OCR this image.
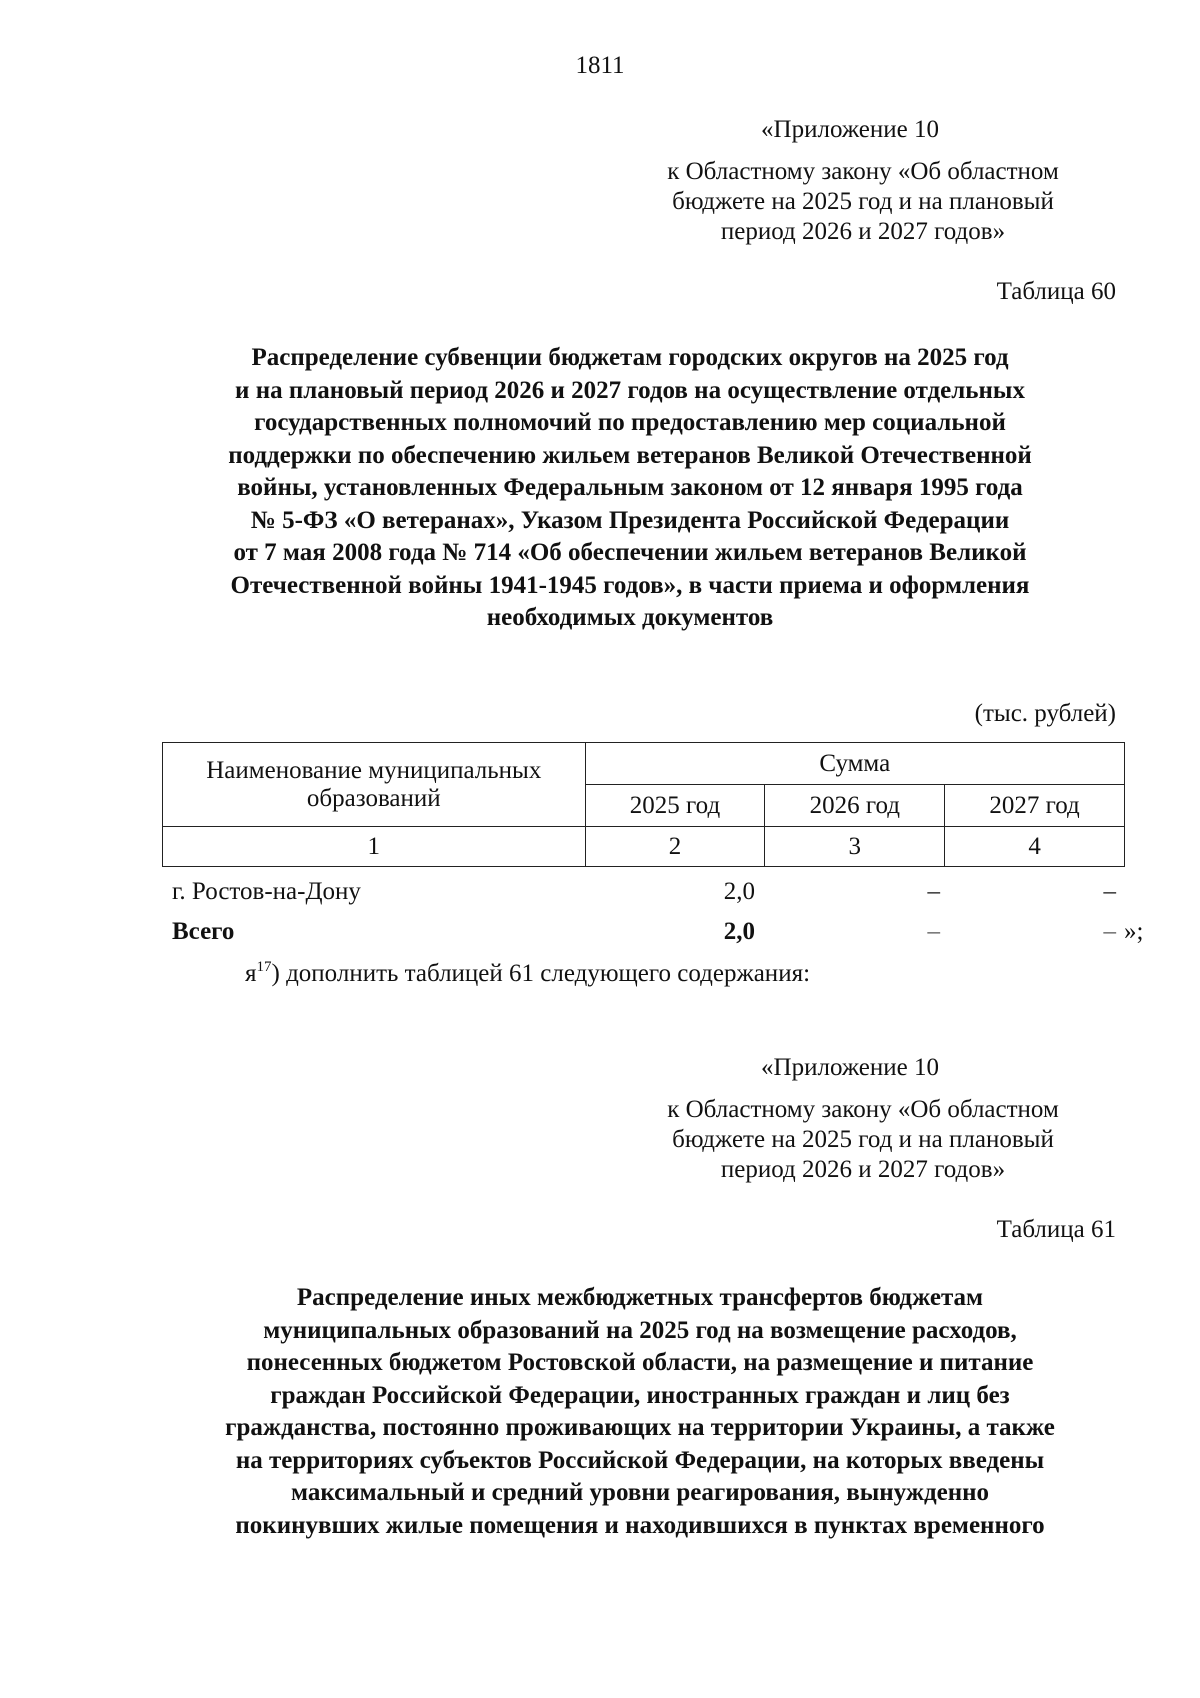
1811
«Приложение 10
к Областному закону «Об областном
бюджете на 2025 год и на плановый
период 2026 и 2027 годов»
Таблица 60
Распределение субвенции бюджетам городских округов на 2025 год
и на плановый период 2026 и 2027 годов на осуществление отдельных
государственных полномочий по предоставлению мер социальной
поддержки по обеспечению жильем ветеранов Великой Отечественной
войны, установленных Федеральным законом от 12 января 1995 года
№ 5-ФЗ «О ветеранах», Указом Президента Российской Федерации
от 7 мая 2008 года № 714 «Об обеспечении жильем ветеранов Великой
Отечественной войны 1941-1945 годов», в части приема и оформления
необходимых документов
(тыс. рублей)
Наименование муниципальных
образований	Сумма		
	2025 год	2026 год	2027 год
1	2	3	4
г. Ростов-на-Дону	2,0	–	–
Всего	2,0	–	– »;
$я^{17}$) дополнить таблицей 61 следующего содержания:
«Приложение 10
к Областному закону «Об областном
бюджете на 2025 год и на плановый
период 2026 и 2027 годов»
Таблица 61
Распределение иных межбюджетных трансфертов бюджетам
муниципальных образований на 2025 год на возмещение расходов,
понесенных бюджетом Ростовской области, на размещение и питание
граждан Российской Федерации, иностранных граждан и лиц без
гражданства, постоянно проживающих на территории Украины, а также
на территориях субъектов Российской Федерации, на которых введены
максимальный и средний уровни реагирования, вынужденно
покинувших жилые помещения и находившихся в пунктах временного
